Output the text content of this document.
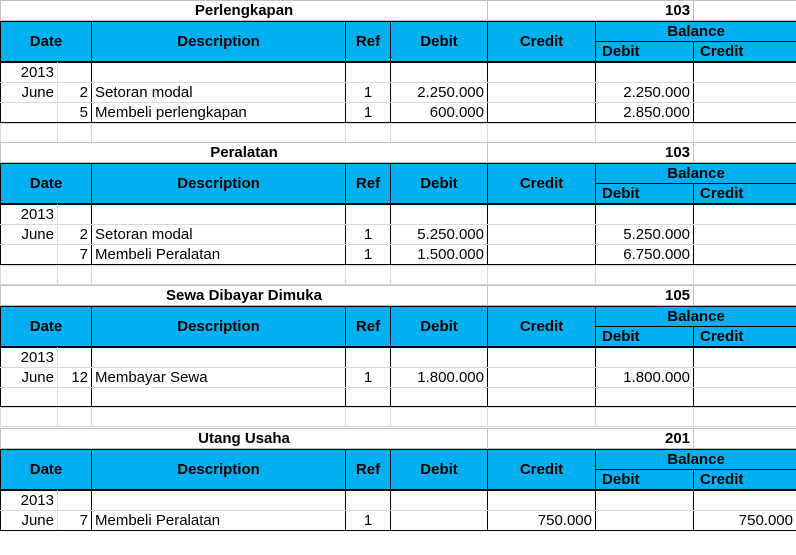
Perlengkapan	103	
Date	Description	Ref	Debit	Credit	Balance	
					Debit	Credit
2013							
June	2	Setoran modal	1	2.250.000		2.250.000	
	5	Membeli perlengkapan	1	600.000		2.850.000	

Peralatan	103	
Date	Description	Ref	Debit	Credit	Balance	
					Debit	Credit
2013							
June	2	Setoran modal	1	5.250.000		5.250.000	
	7	Membeli Peralatan	1	1.500.000		6.750.000	

Sewa Dibayar Dimuka	105	
Date	Description	Ref	Debit	Credit	Balance	
					Debit	Credit
2013							
June	12	Membayar Sewa	1	1.800.000		1.800.000	

Utang Usaha	201	
Date	Description	Ref	Debit	Credit	Balance	
					Debit	Credit
2013							
June	7	Membeli Peralatan	1		750.000		750.000
